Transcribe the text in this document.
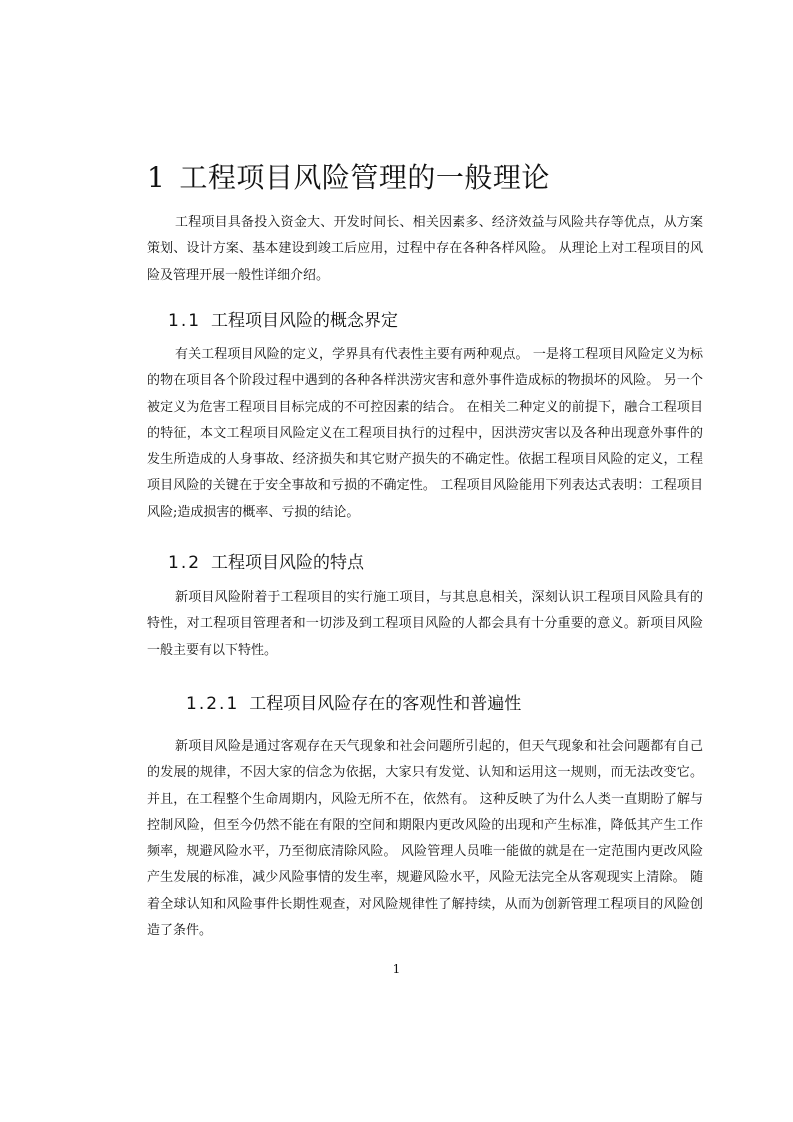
1 工程项目风险管理的一般理论

工程项目具备投入资金大、开发时间长、相关因素多、经济效益与风险共存等优点，从方案策划、设计方案、基本建设到竣工后应用，过程中存在各种各样风险。 从理论上对工程项目的风险及管理开展一般性详细介绍。

1.1 工程项目风险的概念界定

有关工程项目风险的定义，学界具有代表性主要有两种观点。 一是将工程项目风险定义为标的物在项目各个阶段过程中遇到的各种各样洪涝灾害和意外事件造成标的物损坏的风险。 另一个被定义为危害工程项目目标完成的不可控因素的结合。 在相关二种定义的前提下，融合工程项目的特征，本文工程项目风险定义在工程项目执行的过程中，因洪涝灾害以及各种出现意外事件的发生所造成的人身事故、经济损失和其它财产损失的不确定性。依据工程项目风险的定义，工程项目风险的关键在于安全事故和亏损的不确定性。 工程项目风险能用下列表达式表明：工程项目风险;造成损害的概率、亏损的结论。

1.2 工程项目风险的特点

新项目风险附着于工程项目的实行施工项目，与其息息相关，深刻认识工程项目风险具有的特性，对工程项目管理者和一切涉及到工程项目风险的人都会具有十分重要的意义。新项目风险一般主要有以下特性。

1.2.1 工程项目风险存在的客观性和普遍性

新项目风险是通过客观存在天气现象和社会问题所引起的，但天气现象和社会问题都有自己的发展的规律，不因大家的信念为依据，大家只有发觉、认知和运用这一规则，而无法改变它。 并且，在工程整个生命周期内，风险无所不在，依然有。 这种反映了为什么人类一直期盼了解与控制风险，但至今仍然不能在有限的空间和期限内更改风险的出现和产生标准，降低其产生工作频率，规避风险水平，乃至彻底清除风险。 风险管理人员唯一能做的就是在一定范围内更改风险产生发展的标准，减少风险事情的发生率，规避风险水平，风险无法完全从客观现实上清除。 随着全球认知和风险事件长期性观查，对风险规律性了解持续，从而为创新管理工程项目的风险创造了条件。

1
